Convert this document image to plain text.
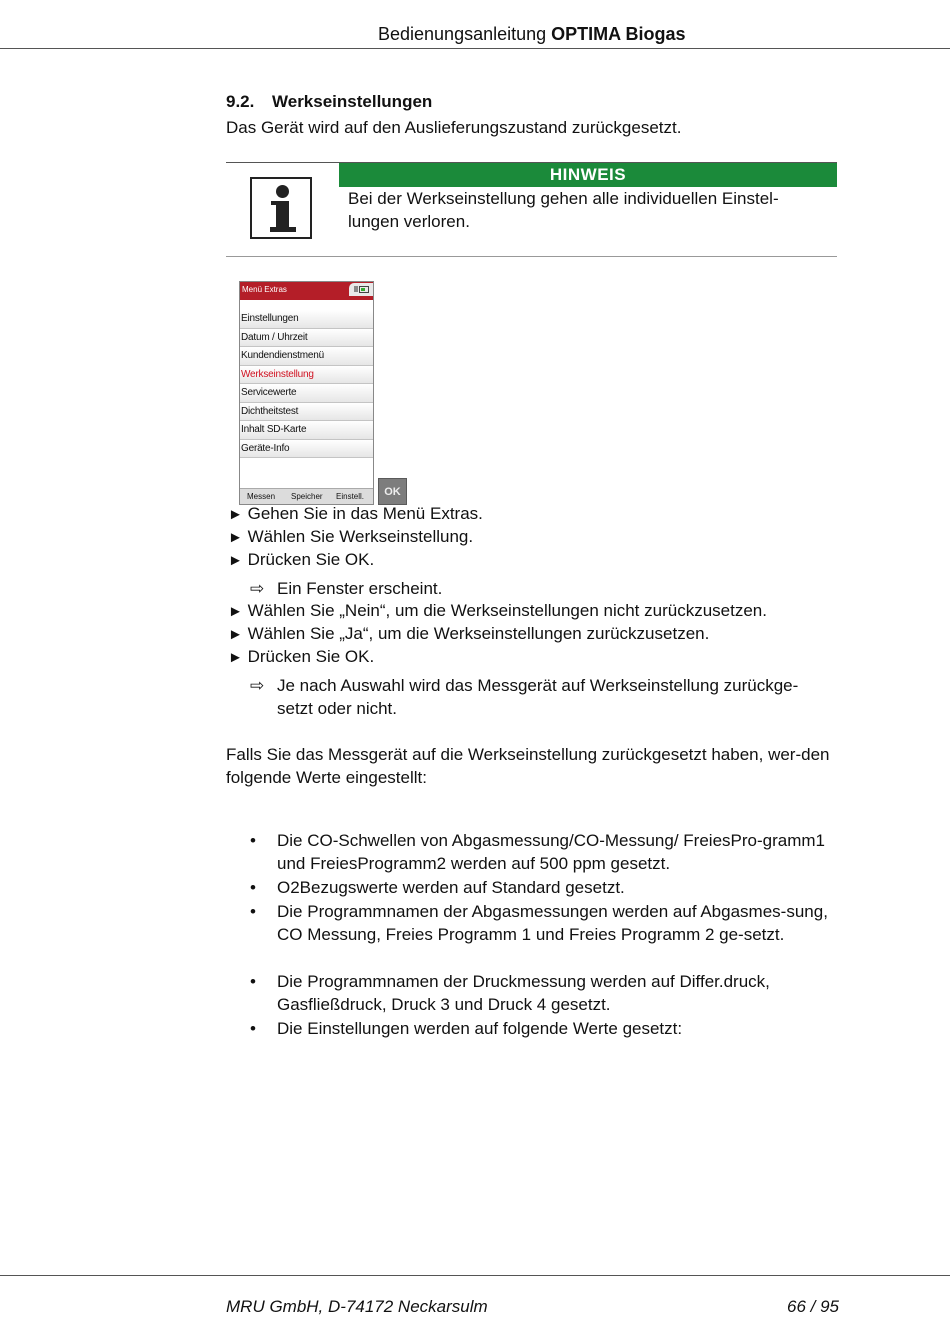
Bedienungsanleitung OPTIMA Biogas
9.2. Werkseinstellungen
Das Gerät wird auf den Auslieferungszustand zurückgesetzt.
HINWEIS
Bei der Werkseinstellung gehen alle individuellen Einstel-lungen verloren.
Menü Extras
Einstellungen
Datum / Uhrzeit
Kundendienstmenü
Werkseinstellung
Servicewerte
Dichtheitstest
Inhalt SD-Karte
Geräte-Info
Messen Speicher Einstell.	OK
► Gehen Sie in das Menü Extras.
► Wählen Sie Werkseinstellung.
► Drücken Sie OK.
⇨ Ein Fenster erscheint.
► Wählen Sie „Nein“, um die Werkseinstellungen nicht zurückzusetzen.
► Wählen Sie „Ja“, um die Werkseinstellungen zurückzusetzen.
► Drücken Sie OK.
⇨ Je nach Auswahl wird das Messgerät auf Werkseinstellung zurückge-setzt oder nicht.
Falls Sie das Messgerät auf die Werkseinstellung zurückgesetzt haben, wer-den folgende Werte eingestellt:
• Die CO-Schwellen von Abgasmessung/CO-Messung/ FreiesPro-gramm1 und FreiesProgramm2 werden auf 500 ppm gesetzt.
• O2Bezugswerte werden auf Standard gesetzt.
• Die Programmnamen der Abgasmessungen werden auf Abgasmes-sung, CO Messung, Freies Programm 1 und Freies Programm 2 ge-setzt.
• Die Programmnamen der Druckmessung werden auf Differ.druck, Gasfließdruck, Druck 3 und Druck 4 gesetzt.
• Die Einstellungen werden auf folgende Werte gesetzt:
MRU GmbH, D-74172 Neckarsulm	66 / 95
